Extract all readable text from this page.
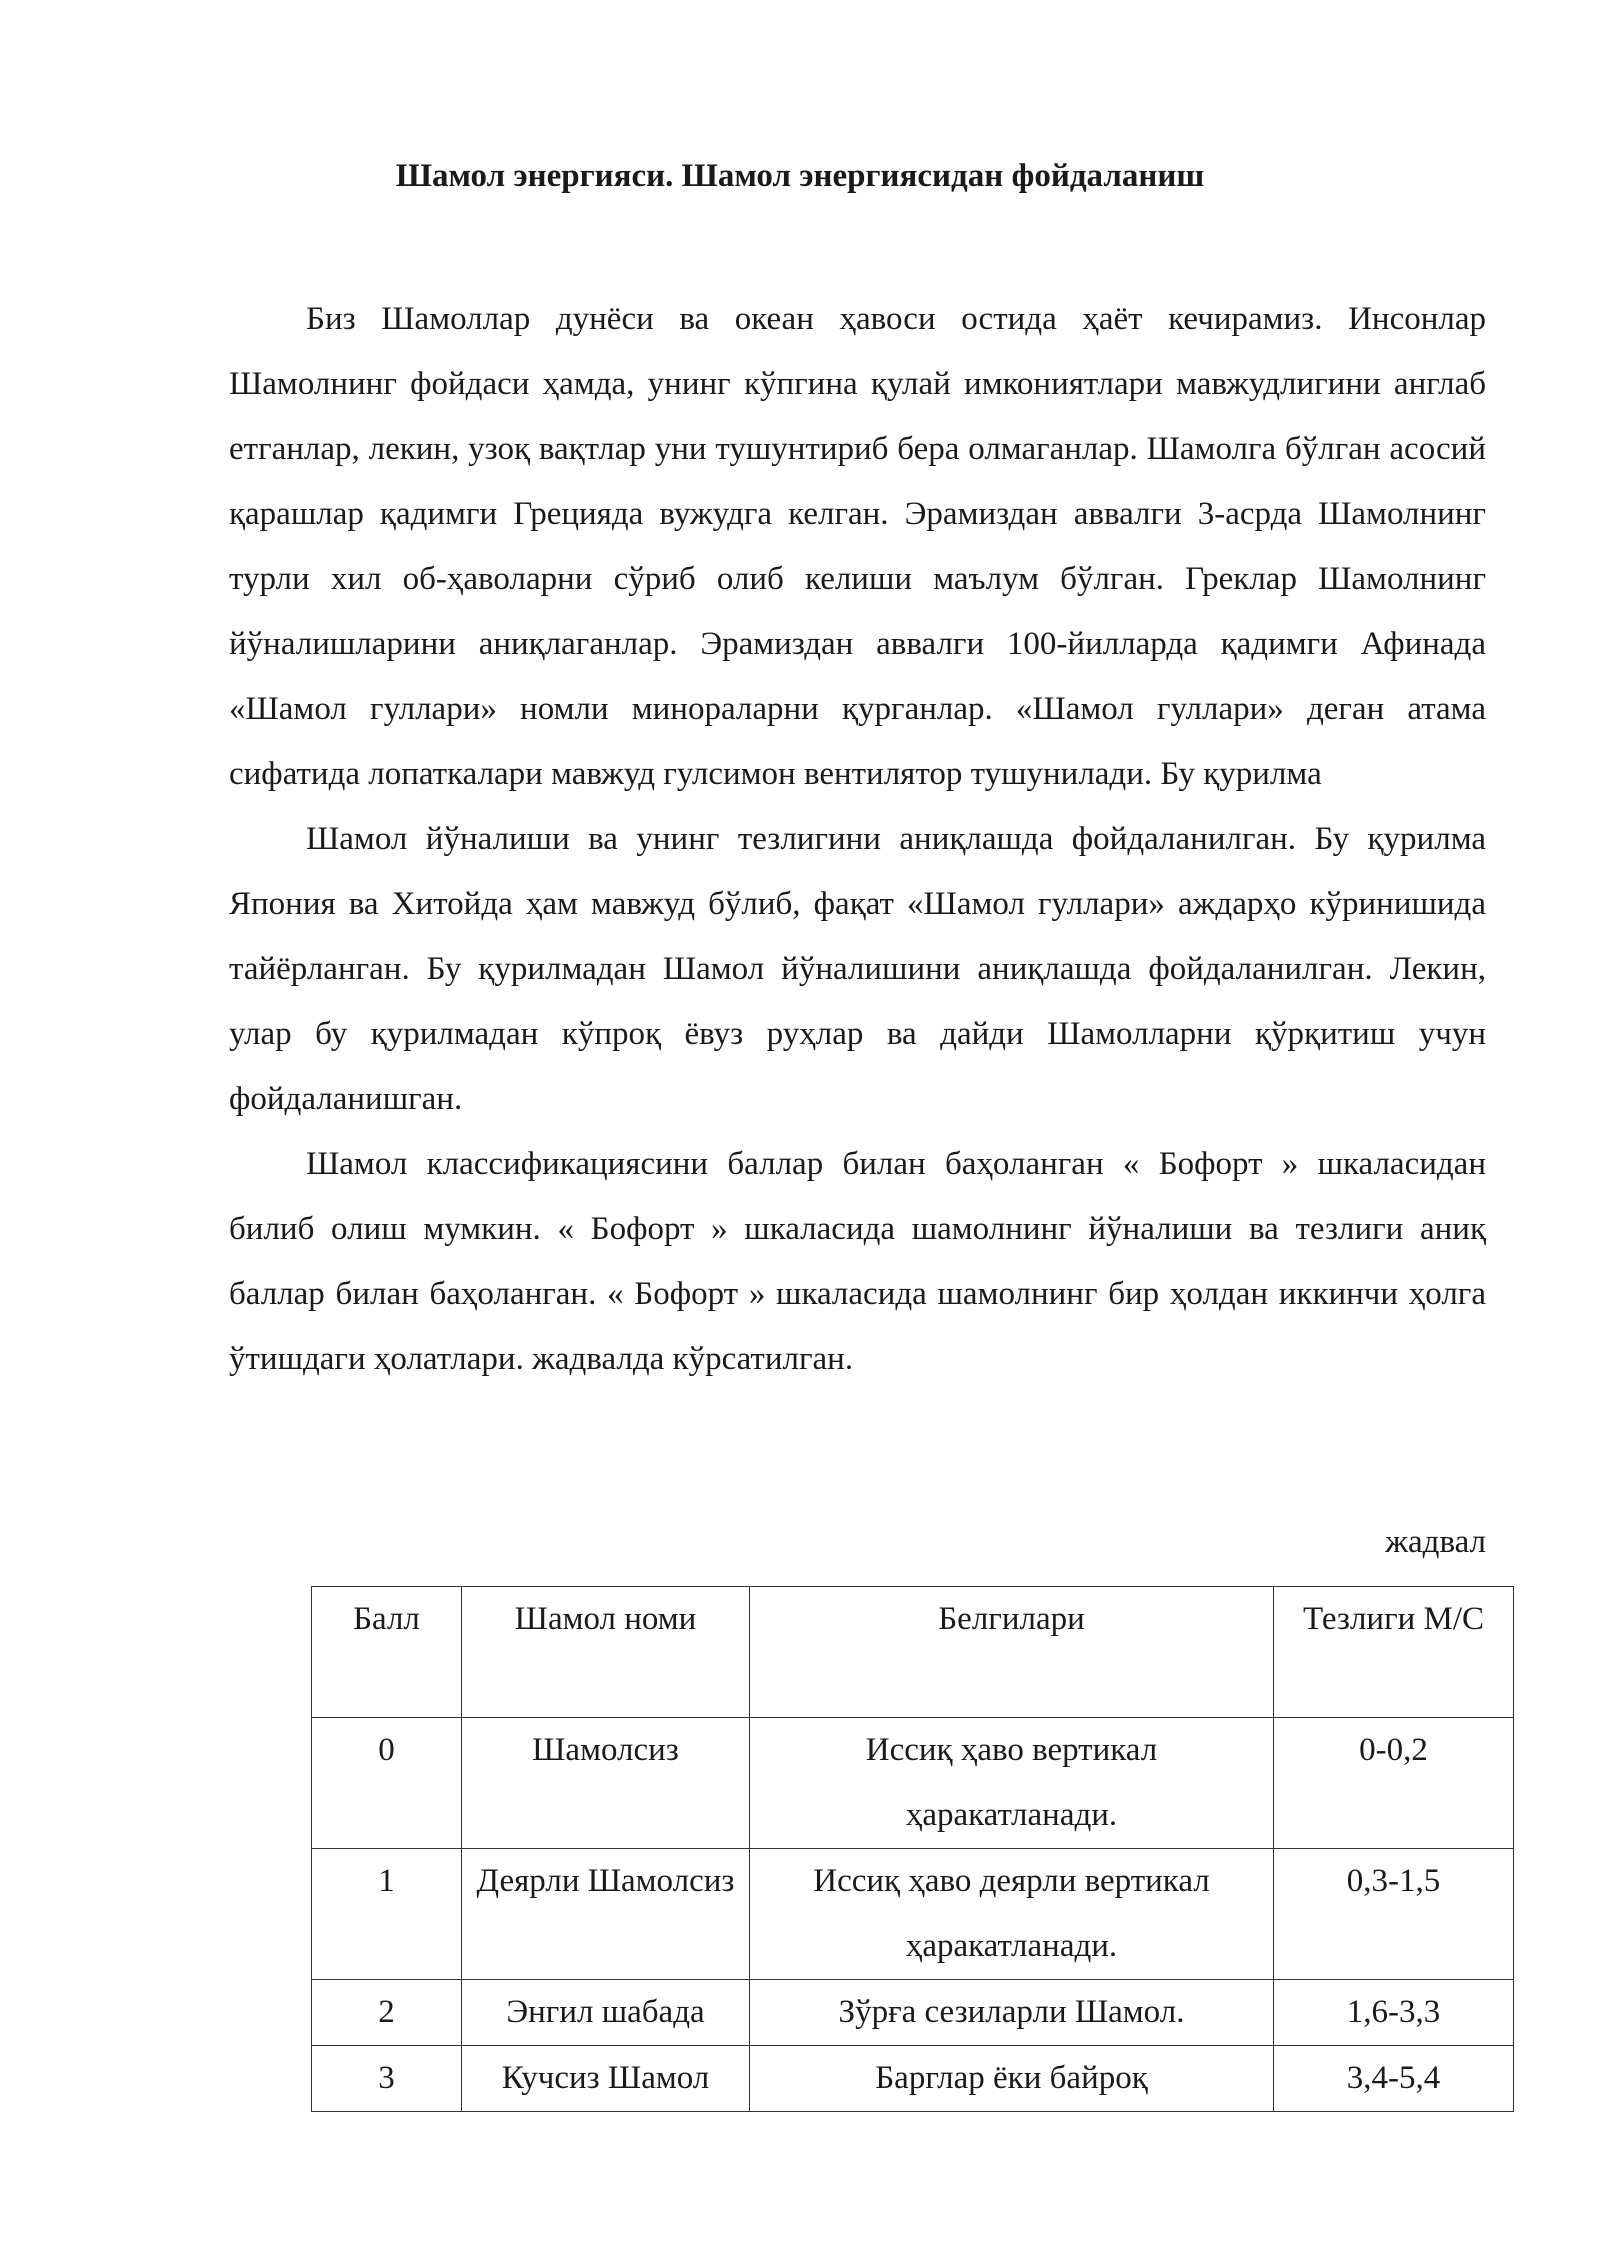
Шамол энергияси. Шамол энергиясидан фойдаланиш

Биз Шамоллар дунёси ва океан ҳавоси остида ҳаёт кечирамиз. Инсонлар Шамолнинг фойдаси ҳамда, унинг кўпгина қулай имкониятлари мавжудлигини англаб етганлар, лекин, узоқ вақтлар уни тушунтириб бера олмаганлар. Шамолга бўлган асосий қарашлар қадимги Грецияда вужудга келган. Эрамиздан аввалги 3-асрда Шамолнинг турли хил об-ҳаволарни сўриб олиб келиши маълум бўлган. Греклар Шамолнинг йўналишларини аниқлаганлар. Эрамиздан аввалги 100-йилларда қадимги Афинада «Шамол гуллари» номли минораларни қурганлар. «Шамол гуллари» деган атама сифатида лопаткалари мавжуд гулсимон вентилятор тушунилади. Бу қурилма

Шамол йўналиши ва унинг тезлигини аниқлашда фойдаланилган. Бу қурилма Япония ва Хитойда ҳам мавжуд бўлиб, фақат «Шамол гуллари» аждарҳо кўринишида тайёрланган. Бу қурилмадан Шамол йўналишини аниқлашда фойдаланилган. Лекин, улар бу қурилмадан кўпроқ ёвуз руҳлар ва дайди Шамолларни қўрқитиш учун фойдаланишган.

Шамол классификациясини баллар билан баҳоланган « Бофорт » шкаласидан билиб олиш мумкин. « Бофорт » шкаласида шамолнинг йўналиши ва тезлиги аниқ баллар билан баҳоланган. « Бофорт » шкаласида шамолнинг бир ҳолдан иккинчи ҳолга ўтишдаги ҳолатлари. жадвалда кўрсатилган.

жадвал
Балл	Шамол номи	Белгилари	Тезлиги М/С
0	Шамолсиз	Иссиқ ҳаво вертикал ҳаракатланади.	0-0,2
1	Деярли Шамолсиз	Иссиқ ҳаво деярли вертикал ҳаракатланади.	0,3-1,5
2	Энгил шабада	Зўрға сезиларли Шамол.	1,6-3,3
3	Кучсиз Шамол	Барглар ёки байроқ	3,4-5,4
